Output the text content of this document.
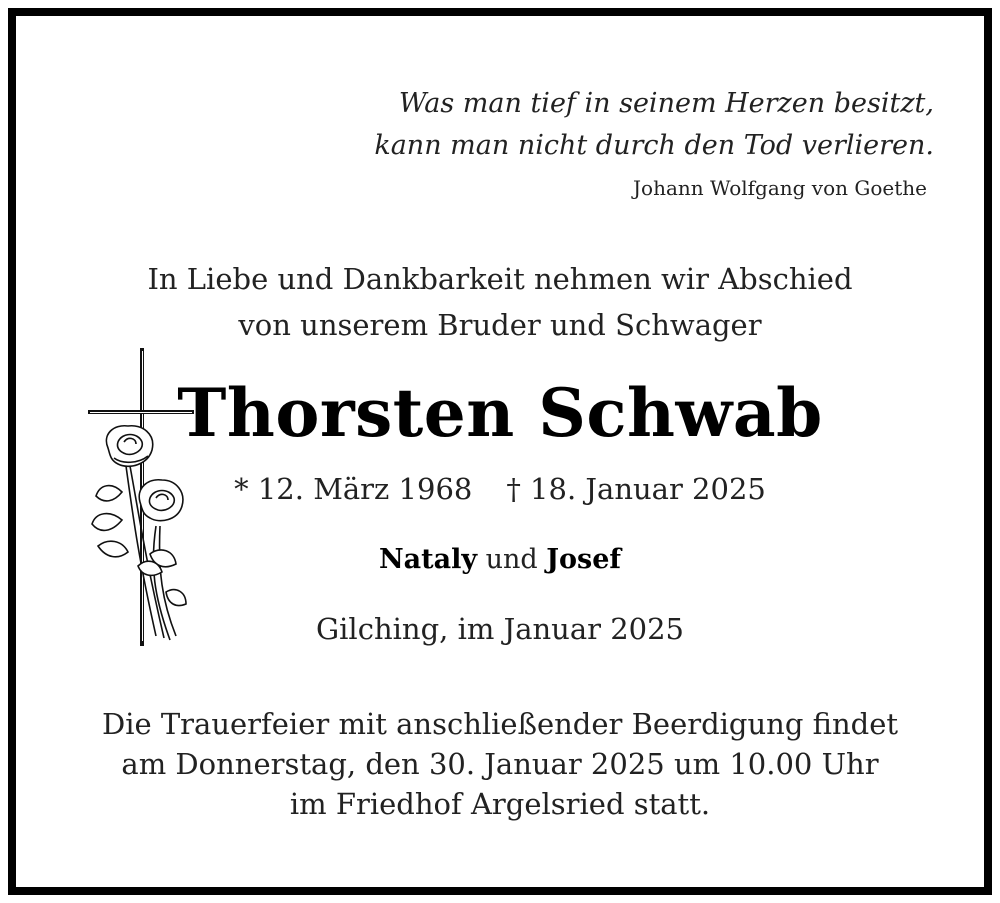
Was man tief in seinem Herzen besitzt,
kann man nicht durch den Tod verlieren.
Johann Wolfgang von Goethe
In Liebe und Dankbarkeit nehmen wir Abschied
von unserem Bruder und Schwager
Thorsten Schwab
* 12. März 1968 † 18. Januar 2025
Nataly und Josef
Gilching, im Januar 2025
Die Trauerfeier mit anschließender Beerdigung findet
am Donnerstag, den 30. Januar 2025 um 10.00 Uhr
im Friedhof Argelsried statt.
